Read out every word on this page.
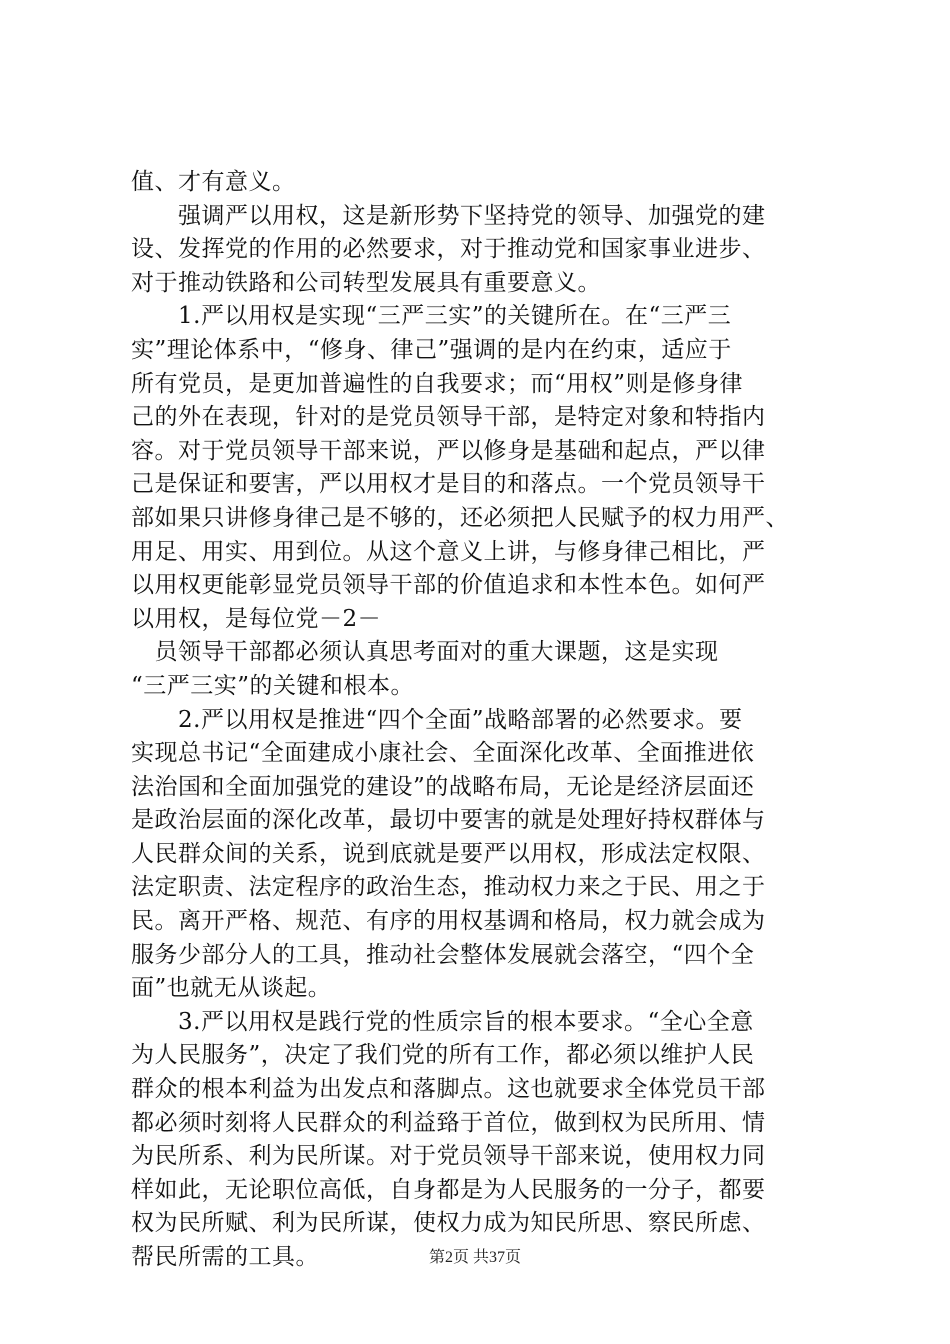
值、才有意义。
　　强调严以用权，这是新形势下坚持党的领导、加强党的建
设、发挥党的作用的必然要求，对于推动党和国家事业进步、
对于推动铁路和公司转型发展具有重要意义。
　　1.严以用权是实现“三严三实”的关键所在。在“三严三
实”理论体系中，“修身、律己”强调的是内在约束，适应于
所有党员，是更加普遍性的自我要求；而“用权”则是修身律
己的外在表现，针对的是党员领导干部，是特定对象和特指内
容。对于党员领导干部来说，严以修身是基础和起点，严以律
己是保证和要害，严以用权才是目的和落点。一个党员领导干
部如果只讲修身律己是不够的，还必须把人民赋予的权力用严、
用足、用实、用到位。从这个意义上讲，与修身律己相比，严
以用权更能彰显党员领导干部的价值追求和本性本色。如何严
以用权，是每位党－2－
　员领导干部都必须认真思考面对的重大课题，这是实现
“三严三实”的关键和根本。
　　2.严以用权是推进“四个全面”战略部署的必然要求。要
实现总书记“全面建成小康社会、全面深化改革、全面推进依
法治国和全面加强党的建设”的战略布局，无论是经济层面还
是政治层面的深化改革，最切中要害的就是处理好持权群体与
人民群众间的关系，说到底就是要严以用权，形成法定权限、
法定职责、法定程序的政治生态，推动权力来之于民、用之于
民。离开严格、规范、有序的用权基调和格局，权力就会成为
服务少部分人的工具，推动社会整体发展就会落空，“四个全
面”也就无从谈起。
　　3.严以用权是践行党的性质宗旨的根本要求。“全心全意
为人民服务”，决定了我们党的所有工作，都必须以维护人民
群众的根本利益为出发点和落脚点。这也就要求全体党员干部
都必须时刻将人民群众的利益臵于首位，做到权为民所用、情
为民所系、利为民所谋。对于党员领导干部来说，使用权力同
样如此，无论职位高低，自身都是为人民服务的一分子，都要
权为民所赋、利为民所谋，使权力成为知民所思、察民所虑、
帮民所需的工具。	第2页 共37页
